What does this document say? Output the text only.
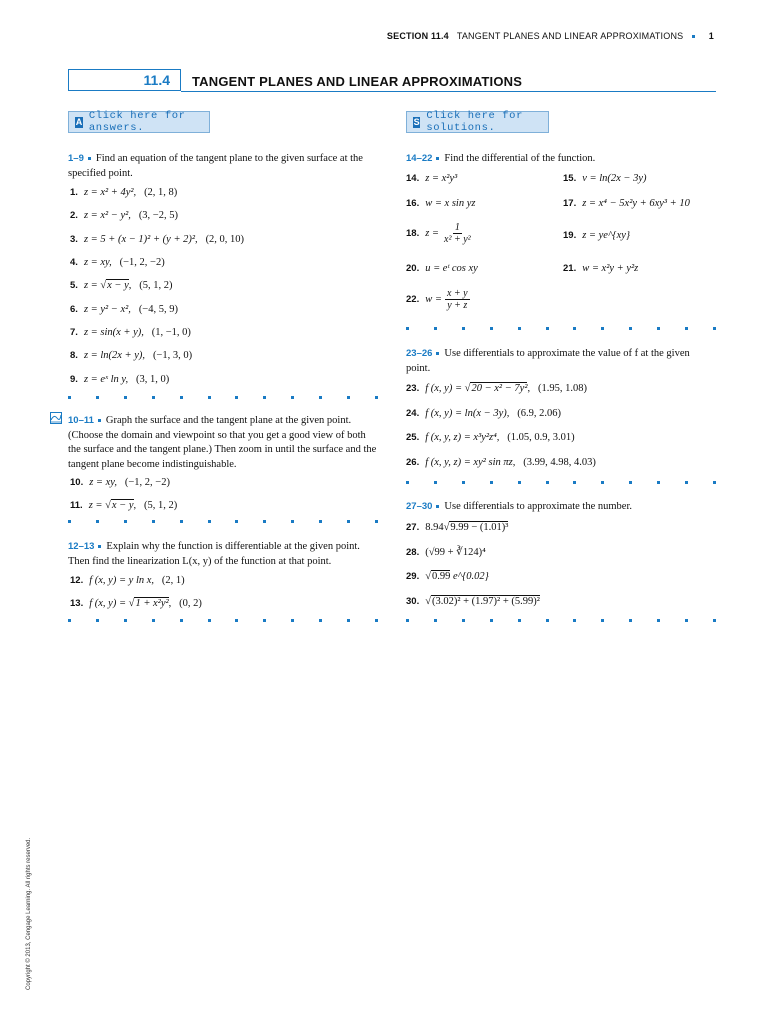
SECTION 11.4 TANGENT PLANES AND LINEAR APPROXIMATIONS	1
11.4 TANGENT PLANES AND LINEAR APPROXIMATIONS
A Click here for answers.
S Click here for solutions.
1–9 Find an equation of the tangent plane to the given surface at the specified point.
1. z = x² + 4y², (2, 1, 8)
2. z = x² − y², (3, −2, 5)
3. z = 5 + (x − 1)² + (y + 2)², (2, 0, 10)
4. z = xy, (−1, 2, −2)
5. z = √x − y, (5, 1, 2)
6. z = y² − x², (−4, 5, 9)
7. z = sin(x + y), (1, −1, 0)
8. z = ln(2x + y), (−1, 3, 0)
9. z = eˣ ln y, (3, 1, 0)
10–11 Graph the surface and the tangent plane at the given point. (Choose the domain and viewpoint so that you get a good view of both the surface and the tangent plane.) Then zoom in until the surface and the tangent plane become indistinguishable.
10. z = xy, (−1, 2, −2)
11. z = √x − y, (5, 1, 2)
12–13 Explain why the function is differentiable at the given point. Then find the linearization L(x, y) of the function at that point.
12. f (x, y) = y ln x, (2, 1)
13. f (x, y) = √1 + x²y², (0, 2)
14–22 Find the differential of the function.
14. z = x²y³	15. v = ln(2x − 3y)
16. w = x sin yz	17. z = x⁴ − 5x²y + 6xy³ + 10
18. $z = \frac{1}{\text{x² + y²}}$	19. z = ye^{xy}
20. u = eᵗ cos xy	21. w = x²y + y²z
22. $w = \frac{x + y}{y + z}$
23–26 Use differentials to approximate the value of f at the given point.
23. f (x, y) = √20 − x² − 7y², (1.95, 1.08)
24. f (x, y) = ln(x − 3y), (6.9, 2.06)
25. f (x, y, z) = x³y²z⁴, (1.05, 0.9, 3.01)
26. f (x, y, z) = xy² sin πz, (3.99, 4.98, 4.03)
27–30 Use differentials to approximate the number.
27. 8.94√9.99 − (1.01)³
28. (√99 + ∛124)⁴
29. √0.99 e^{0.02}
30. √(3.02)² + (1.97)² + (5.99)²
Copyright © 2013, Cengage Learning. All rights reserved.
